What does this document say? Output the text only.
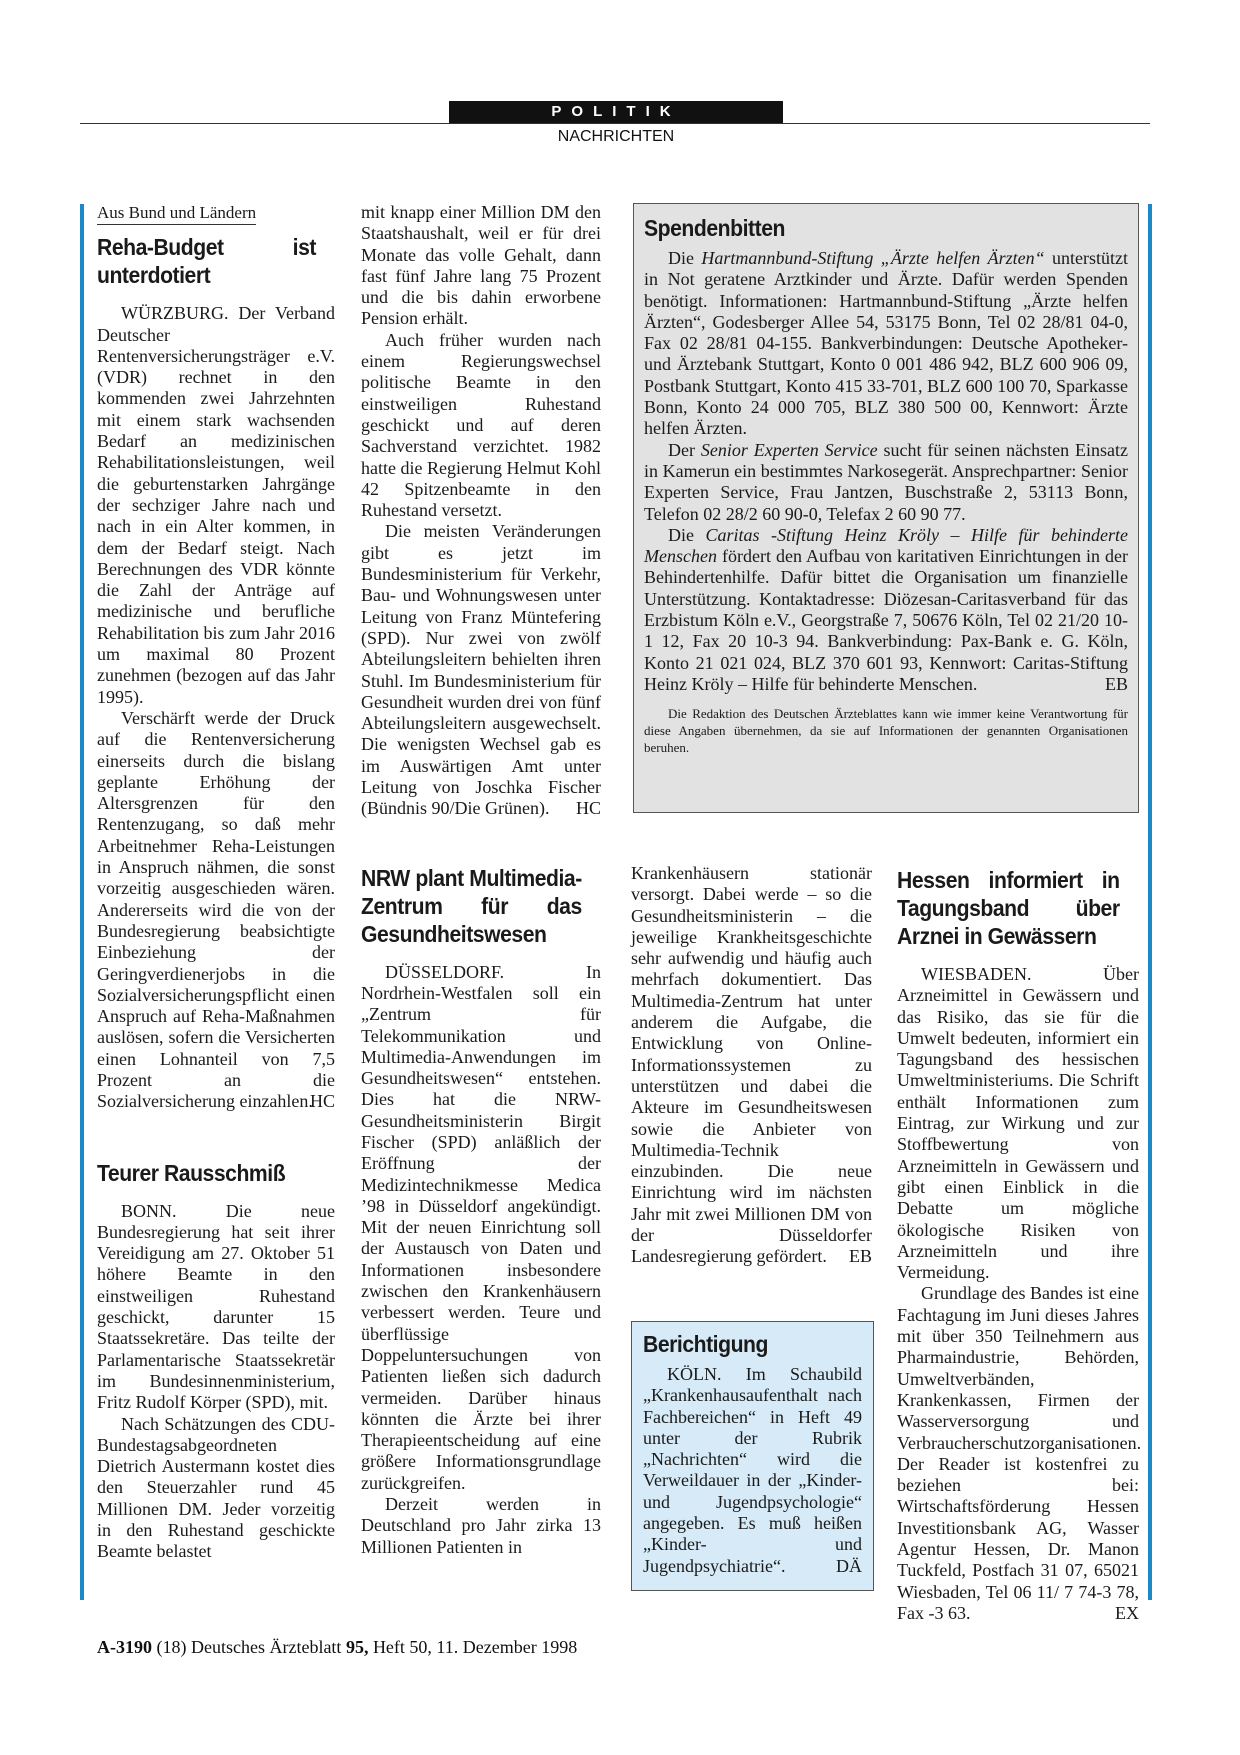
POLITIK
NACHRICHTEN
Aus Bund und Ländern
Reha-Budget ist unterdotiert

WÜRZBURG. Der Verband Deutscher Rentenversicherungsträger e.V. (VDR) rechnet in den kommenden zwei Jahrzehnten mit einem stark wachsenden Bedarf an medizinischen Rehabilitationsleistungen, weil die geburtenstarken Jahrgänge der sechziger Jahre nach und nach in ein Alter kommen, in dem der Bedarf steigt. Nach Berechnungen des VDR könnte die Zahl der Anträge auf medizinische und berufliche Rehabilitation bis zum Jahr 2016 um maximal 80 Prozent zunehmen (bezogen auf das Jahr 1995).

Verschärft werde der Druck auf die Rentenversicherung einerseits durch die bislang geplante Erhöhung der Altersgrenzen für den Rentenzugang, so daß mehr Arbeitnehmer Reha-Leistungen in Anspruch nähmen, die sonst vorzeitig ausgeschieden wären. Andererseits wird die von der Bundesregierung beabsichtigte Einbeziehung der Geringverdienerjobs in die Sozialversicherungspflicht einen Anspruch auf Reha-Maßnahmen auslösen, sofern die Versicherten einen Lohnanteil von 7,5 Prozent an die Sozialversicherung einzahlen.

HC
Teurer Rausschmiß

BONN. Die neue Bundesregierung hat seit ihrer Vereidigung am 27. Oktober 51 höhere Beamte in den einstweiligen Ruhestand geschickt, darunter 15 Staatssekretäre. Das teilte der Parlamentarische Staatssekretär im Bundesinnenministerium, Fritz Rudolf Körper (SPD), mit.

Nach Schätzungen des CDU-Bundestagsabgeordneten Dietrich Austermann kostet dies den Steuerzahler rund 45 Millionen DM. Jeder vorzeitig in den Ruhestand geschickte Beamte belastet

mit knapp einer Million DM den Staatshaushalt, weil er für drei Monate das volle Gehalt, dann fast fünf Jahre lang 75 Prozent und die bis dahin erworbene Pension erhält.

Auch früher wurden nach einem Regierungswechsel politische Beamte in den einstweiligen Ruhestand geschickt und auf deren Sachverstand verzichtet. 1982 hatte die Regierung Helmut Kohl 42 Spitzenbeamte in den Ruhestand versetzt.

Die meisten Veränderungen gibt es jetzt im Bundesministerium für Verkehr, Bau- und Wohnungswesen unter Leitung von Franz Müntefering (SPD). Nur zwei von zwölf Abteilungsleitern behielten ihren Stuhl. Im Bundesministerium für Gesundheit wurden drei von fünf Abteilungsleitern ausgewechselt. Die wenigsten Wechsel gab es im Auswärtigen Amt unter Leitung von Joschka Fischer (Bündnis 90/Die Grünen).	HC
NRW plant Multimedia-Zentrum für das Gesundheitswesen

DÜSSELDORF. In Nordrhein-Westfalen soll ein „Zentrum für Telekommunikation und Multimedia-Anwendungen im Gesundheitswesen“ entstehen. Dies hat die NRW-Gesundheitsministerin Birgit Fischer (SPD) anläßlich der Eröffnung der Medizintechnikmesse Medica ’98 in Düsseldorf angekündigt. Mit der neuen Einrichtung soll der Austausch von Daten und Informationen insbesondere zwischen den Krankenhäusern verbessert werden. Teure und überflüssige Doppeluntersuchungen von Patienten ließen sich dadurch vermeiden. Darüber hinaus könnten die Ärzte bei ihrer Therapieentscheidung auf eine größere Informationsgrundlage zurückgreifen.

Derzeit werden in Deutschland pro Jahr zirka 13 Millionen Patienten in

Spendenbitten

Die Hartmannbund-Stiftung „Ärzte helfen Ärzten“ unterstützt in Not geratene Arztkinder und Ärzte. Dafür werden Spenden benötigt. Informationen: Hartmannbund-Stiftung „Ärzte helfen Ärzten“, Godesberger Allee 54, 53175 Bonn, Tel 02 28/81 04-0, Fax 02 28/81 04-155. Bankverbindungen: Deutsche Apotheker- und Ärztebank Stuttgart, Konto 0 001 486 942, BLZ 600 906 09, Postbank Stuttgart, Konto 415 33-701, BLZ 600 100 70, Sparkasse Bonn, Konto 24 000 705, BLZ 380 500 00, Kennwort: Ärzte helfen Ärzten.

Der Senior Experten Service sucht für seinen nächsten Einsatz in Kamerun ein bestimmtes Narkosegerät. Ansprechpartner: Senior Experten Service, Frau Jantzen, Buschstraße 2, 53113 Bonn, Telefon 02 28/2 60 90-0, Telefax 2 60 90 77.

Die Caritas -Stiftung Heinz Kröly – Hilfe für behinderte Menschen fördert den Aufbau von karitativen Einrichtungen in der Behindertenhilfe. Dafür bittet die Organisation um finanzielle Unterstützung. Kontaktadresse: Diözesan-Caritasverband für das Erzbistum Köln e.V., Georgstraße 7, 50676 Köln, Tel 02 21/20 10-1 12, Fax 20 10-3 94. Bankverbindung: Pax-Bank e. G. Köln, Konto 21 021 024, BLZ 370 601 93, Kennwort: Caritas-Stiftung Heinz Kröly – Hilfe für behinderte Menschen.	EB
Die Redaktion des Deutschen Ärzteblattes kann wie immer keine Verantwortung für diese Angaben übernehmen, da sie auf Informationen der genannten Organisationen beruhen.

Krankenhäusern stationär versorgt. Dabei werde – so die Gesundheitsministerin – die jeweilige Krankheitsgeschichte sehr aufwendig und häufig auch mehrfach dokumentiert. Das Multimedia-Zentrum hat unter anderem die Aufgabe, die Entwicklung von Online-Informationssystemen zu unterstützen und dabei die Akteure im Gesundheitswesen sowie die Anbieter von Multimedia-Technik einzubinden. Die neue Einrichtung wird im nächsten Jahr mit zwei Millionen DM von der Düsseldorfer Landesregierung gefördert.	EB
Berichtigung

KÖLN. Im Schaubild „Krankenhausaufenthalt nach Fachbereichen“ in Heft 49 unter der Rubrik „Nachrichten“ wird die Verweildauer in der „Kinder- und Jugendpsychologie“ angegeben. Es muß heißen „Kinder- und Jugendpsychiatrie“.	DÄ
Hessen informiert in Tagungsband über Arznei in Gewässern

WIESBADEN. Über Arzneimittel in Gewässern und das Risiko, das sie für die Umwelt bedeuten, informiert ein Tagungsband des hessischen Umweltministeriums. Die Schrift enthält Informationen zum Eintrag, zur Wirkung und zur Stoffbewertung von Arzneimitteln in Gewässern und gibt einen Einblick in die Debatte um mögliche ökologische Risiken von Arzneimitteln und ihre Vermeidung.

Grundlage des Bandes ist eine Fachtagung im Juni dieses Jahres mit über 350 Teilnehmern aus Pharmaindustrie, Behörden, Umweltverbänden, Krankenkassen, Firmen der Wasserversorgung und Verbraucherschutzorganisationen. Der Reader ist kostenfrei zu beziehen bei: Wirtschaftsförderung Hessen Investitionsbank AG, Wasser Agentur Hessen, Dr. Manon Tuckfeld, Postfach 31 07, 65021 Wiesbaden, Tel 06 11/ 7 74-3 78, Fax -3 63.	EX
A-3190 (18) Deutsches Ärzteblatt 95, Heft 50, 11. Dezember 1998
